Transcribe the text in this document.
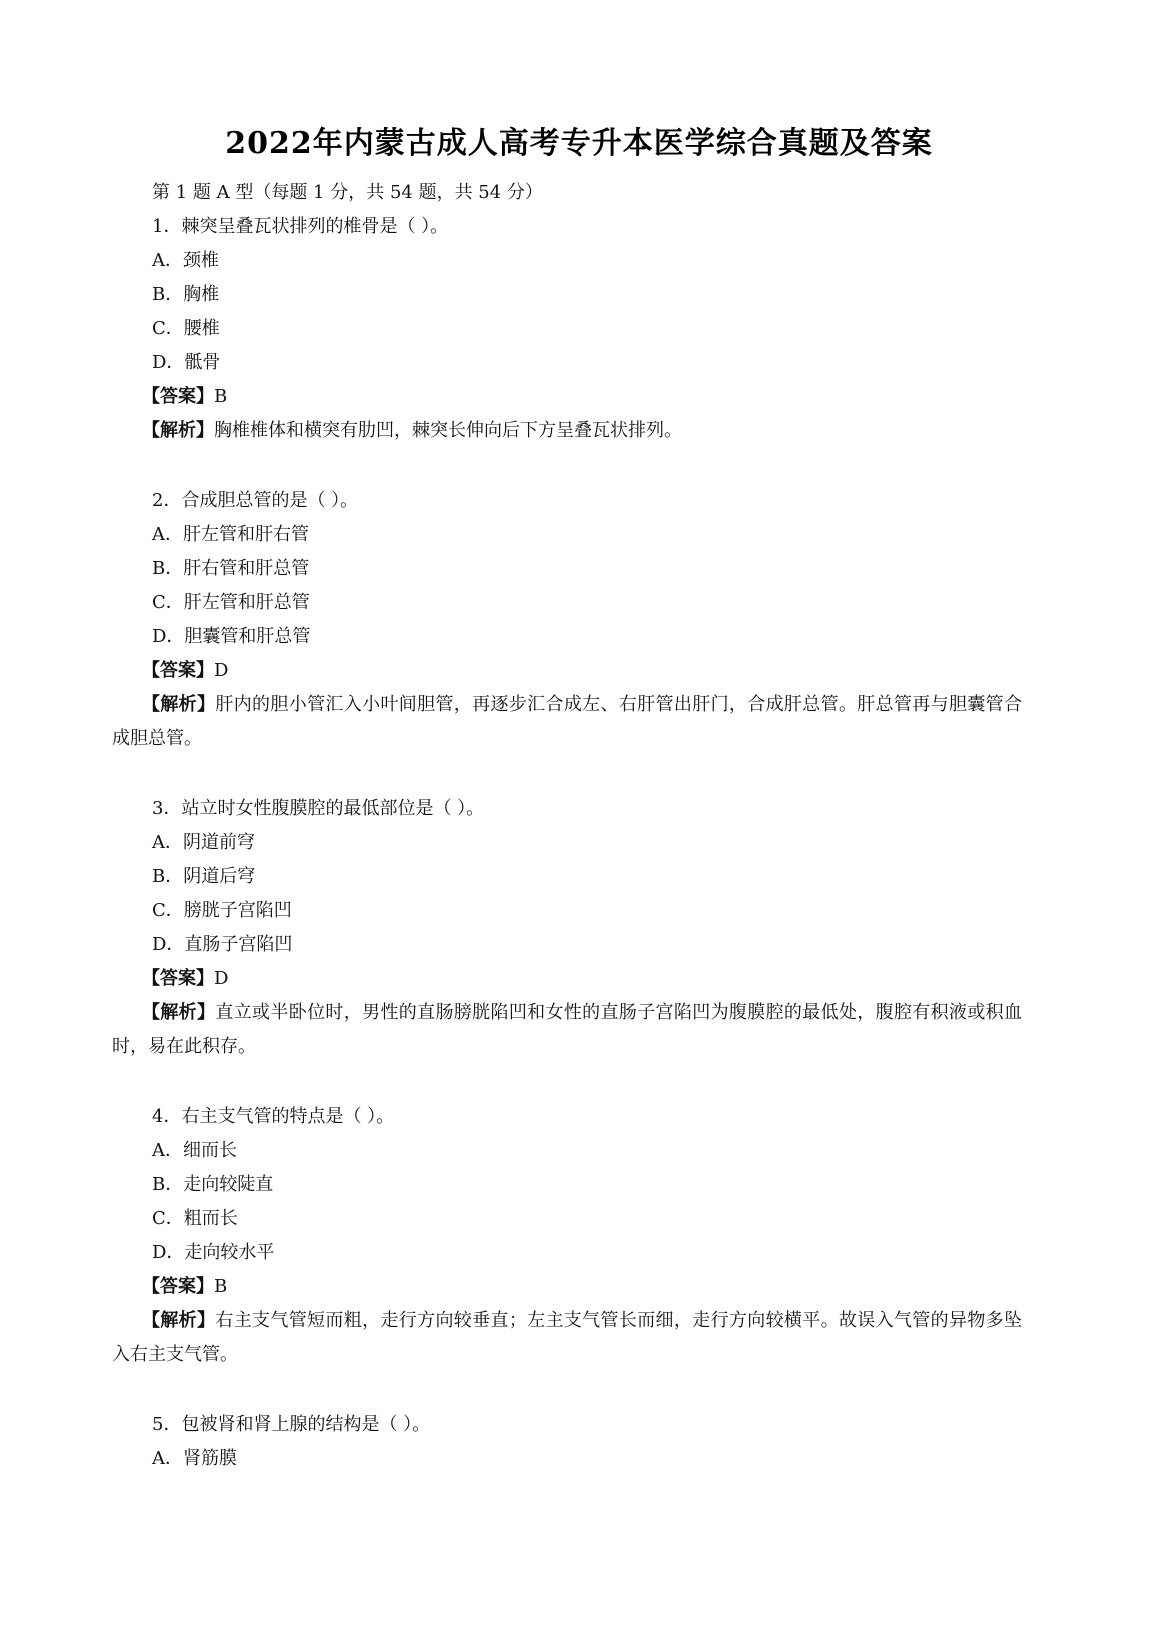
2022年内蒙古成人高考专升本医学综合真题及答案
第 1 题 A 型（每题 1 分，共 54 题，共 54 分）
1．棘突呈叠瓦状排列的椎骨是（ ）。
A．颈椎
B．胸椎
C．腰椎
D．骶骨
【答案】B
【解析】胸椎椎体和横突有肋凹，棘突长伸向后下方呈叠瓦状排列。
2．合成胆总管的是（ ）。
A．肝左管和肝右管
B．肝右管和肝总管
C．肝左管和肝总管
D．胆囊管和肝总管
【答案】D
【解析】肝内的胆小管汇入小叶间胆管，再逐步汇合成左、右肝管出肝门，合成肝总管。肝总管再与胆囊管合成胆总管。
3．站立时女性腹膜腔的最低部位是（ ）。
A．阴道前穹
B．阴道后穹
C．膀胱子宫陷凹
D．直肠子宫陷凹
【答案】D
【解析】直立或半卧位时，男性的直肠膀胱陷凹和女性的直肠子宫陷凹为腹膜腔的最低处，腹腔有积液或积血时，易在此积存。
4．右主支气管的特点是（ ）。
A．细而长
B．走向较陡直
C．粗而长
D．走向较水平
【答案】B
【解析】右主支气管短而粗，走行方向较垂直；左主支气管长而细，走行方向较横平。故误入气管的异物多坠入右主支气管。
5．包被肾和肾上腺的结构是（ ）。
A．肾筋膜
